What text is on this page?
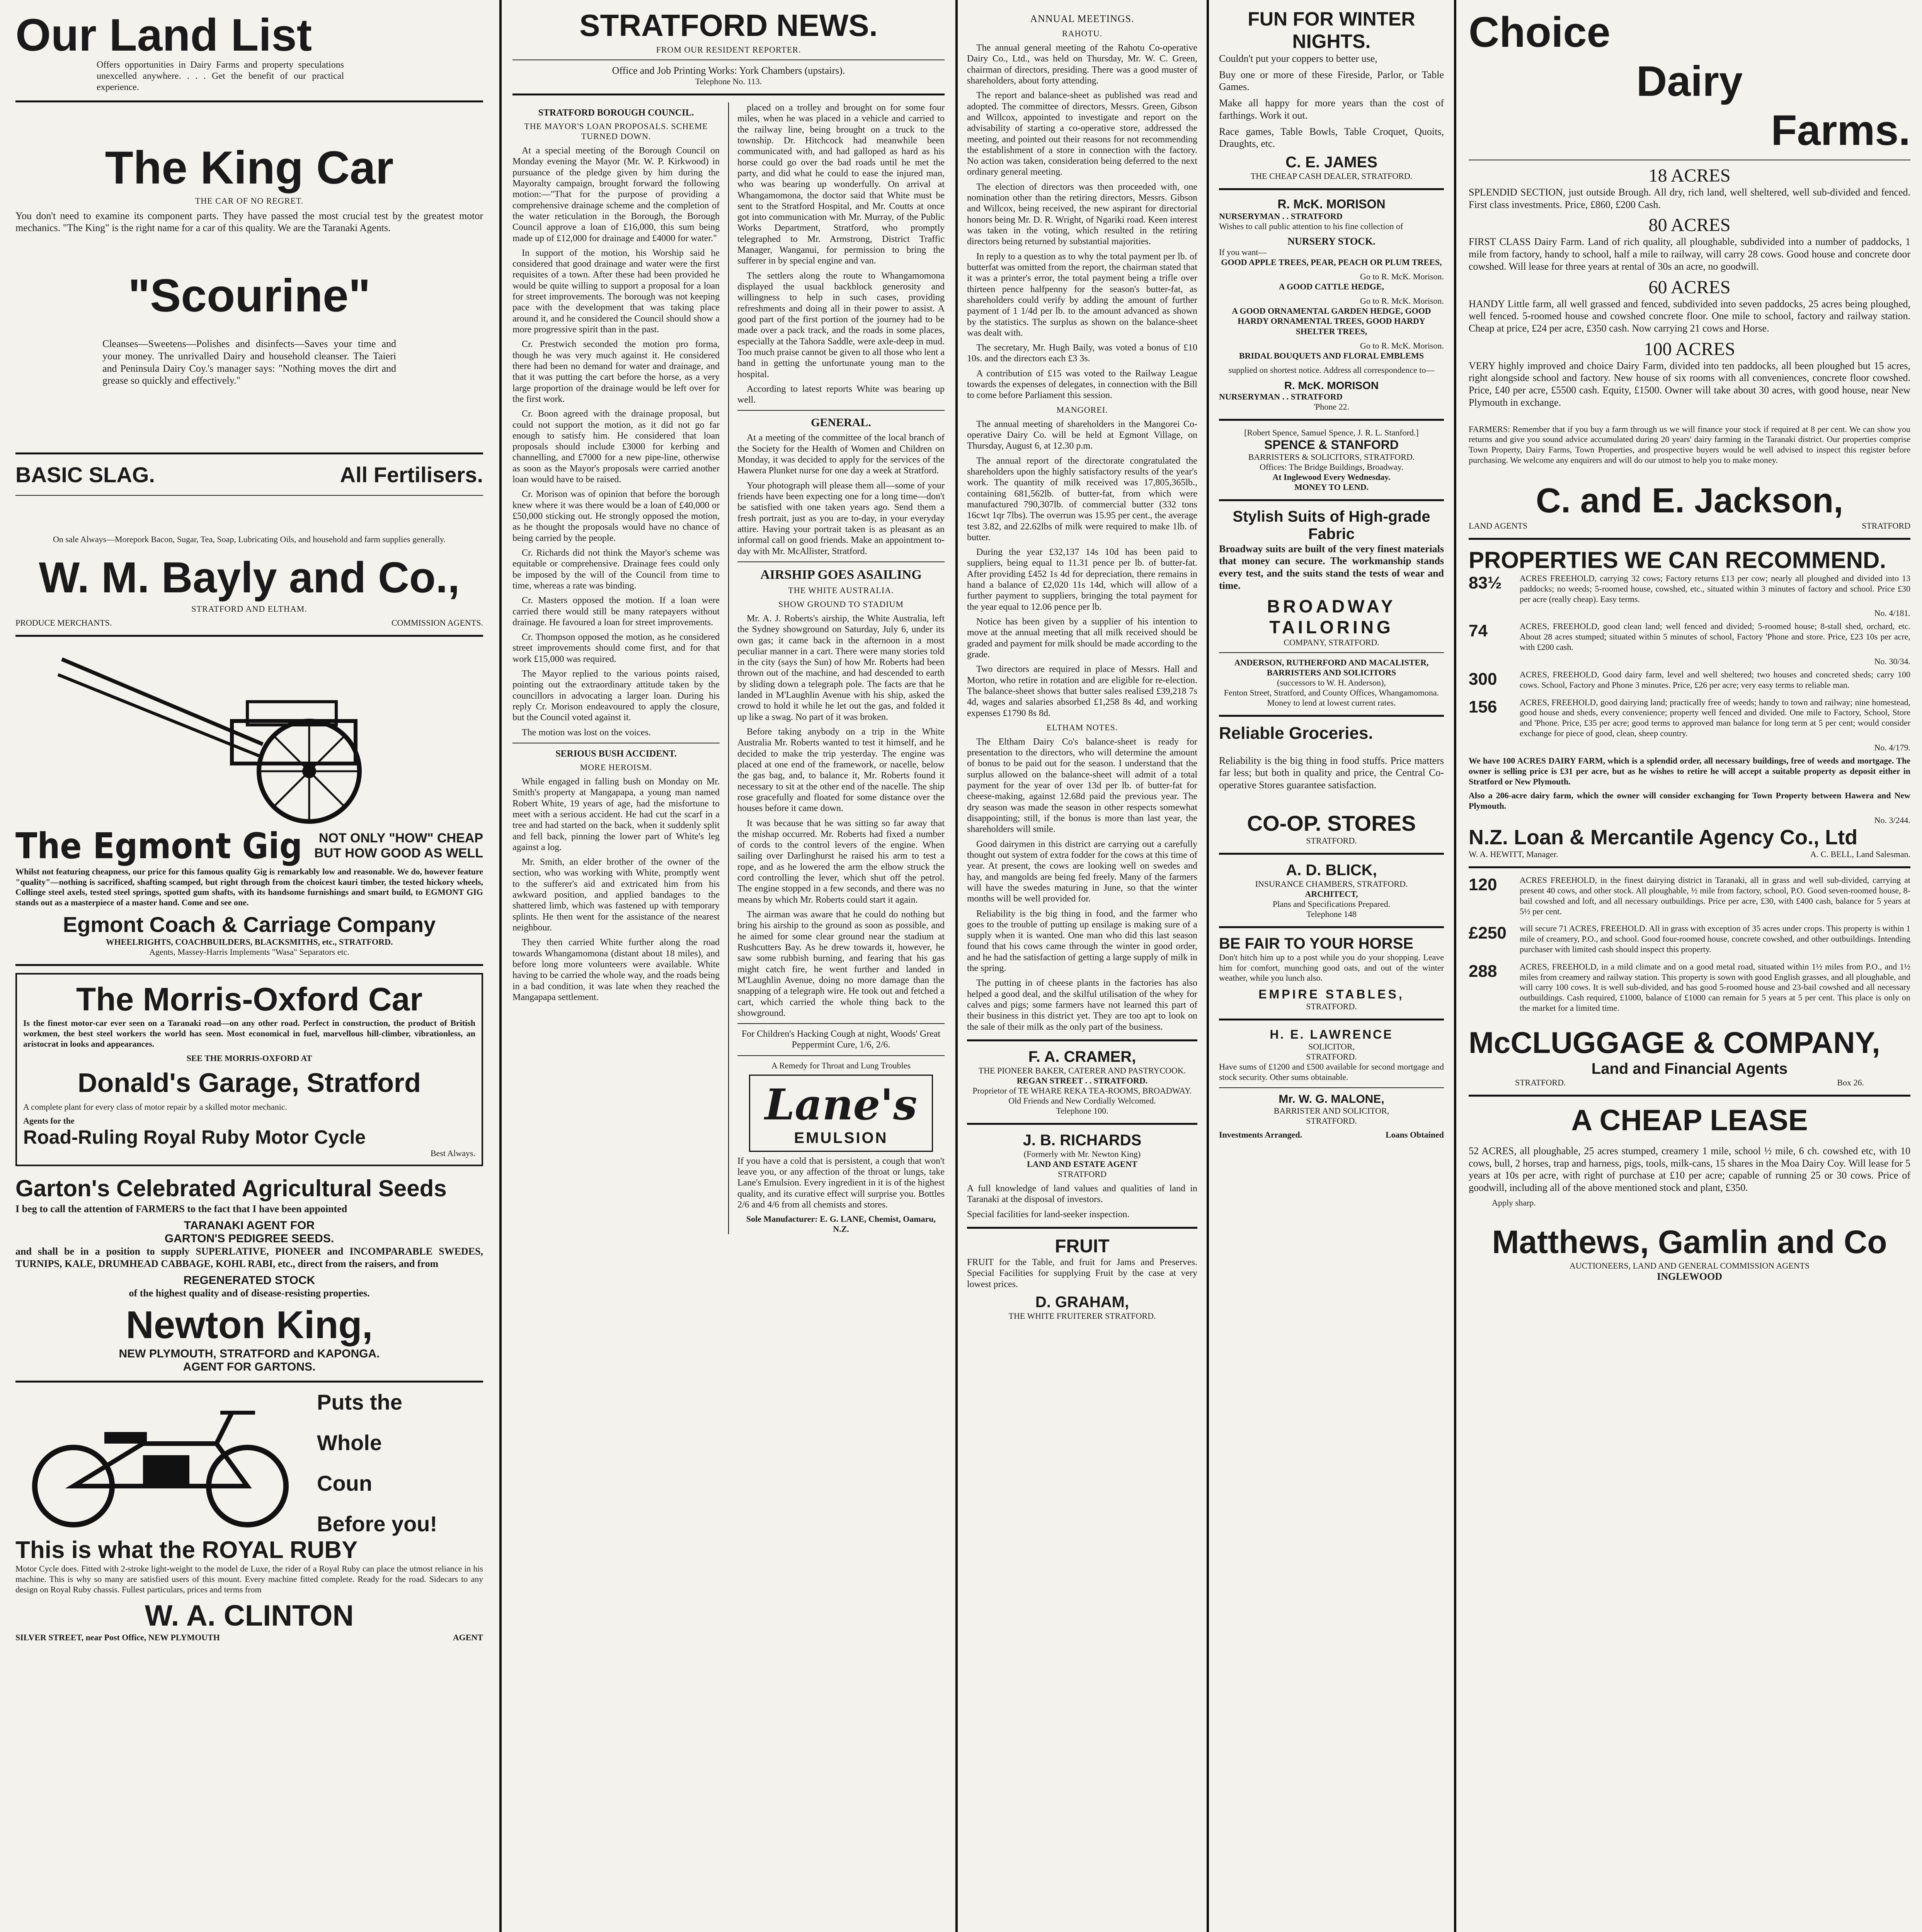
Our Land List

Offers opportunities in Dairy Farms and property speculations unexcelled anywhere. . . . Get the benefit of our practical experience.

The King Car
THE CAR OF NO REGRET.

You don't need to examine its component parts. They have passed the most crucial test by the greatest motor mechanics. "The King" is the right name for a car of this quality. We are the Taranaki Agents.

"Scourine"

Cleanses—Sweetens—Polishes and disinfects—Saves your time and your money. The unrivalled Dairy and household cleanser. The Taieri and Peninsula Dairy Coy.'s manager says: "Nothing moves the dirt and grease so quickly and effectively."

BASIC SLAG.	All Fertilisers.

On sale Always—Morepork Bacon, Sugar, Tea, Soap, Lubricating Oils, and household and farm supplies generally.

W. M. Bayly and Co.,
STRATFORD AND ELTHAM.
PRODUCE MERCHANTS.	COMMISSION AGENTS.
The Egmont Gig	NOT ONLY "HOW" CHEAP
BUT HOW GOOD AS WELL

Whilst not featuring cheapness, our price for this famous quality Gig is remarkably low and reasonable. We do, however feature "quality"—nothing is sacrificed, shafting scamped, but right through from the choicest kauri timber, the tested hickory wheels, Collinge steel axels, tested steel springs, spotted gum shafts, with its handsome furnishings and smart build, to EGMONT GIG stands out as a masterpiece of a master hand. Come and see one.

Egmont Coach & Carriage Company
WHEELRIGHTS, COACHBUILDERS, BLACKSMITHS, etc., STRATFORD.
Agents, Massey-Harris Implements "Wasa" Separators etc.
The Morris-Oxford Car

Is the finest motor-car ever seen on a Taranaki road—on any other road. Perfect in construction, the product of British workmen, the best steel workers the world has seen. Most economical in fuel, marvellous hill-climber, vibrationless, an aristocrat in looks and appearances.

SEE THE MORRIS-OXFORD AT
Donald's Garage, Stratford

A complete plant for every class of motor repair by a skilled motor mechanic.

Agents for the
Road-Ruling Royal Ruby Motor Cycle
Best Always.
Garton's Celebrated Agricultural Seeds

I beg to call the attention of FARMERS to the fact that I have been appointed

TARANAKI AGENT FOR
GARTON'S PEDIGREE SEEDS.

and shall be in a position to supply SUPERLATIVE, PIONEER and INCOMPARABLE SWEDES, TURNIPS, KALE, DRUMHEAD CABBAGE, KOHL RABI, etc., direct from the raisers, and from

REGENERATED STOCK

of the highest quality and of disease-resisting properties.

Newton King,
NEW PLYMOUTH, STRATFORD and KAPONGA.
AGENT FOR GARTONS.
Puts the
Whole
Coun
Before you!
This is what the ROYAL RUBY

Motor Cycle does. Fitted with 2-stroke light-weight to the model de Luxe, the rider of a Royal Ruby can place the utmost reliance in his machine. This is why so many are satisfied users of this mount. Every machine fitted complete. Ready for the road. Sidecars to any design on Royal Ruby chassis. Fullest particulars, prices and terms from

W. A. CLINTON
SILVER STREET, near Post Office, NEW PLYMOUTH	AGENT
STRATFORD NEWS.
FROM OUR RESIDENT REPORTER.
Office and Job Printing Works: York Chambers (upstairs).
Telephone No. 113.
STRATFORD BOROUGH COUNCIL.
THE MAYOR'S LOAN PROPOSALS. SCHEME TURNED DOWN.

At a special meeting of the Borough Council on Monday evening the Mayor (Mr. W. P. Kirkwood) in pursuance of the pledge given by him during the Mayoralty campaign, brought forward the following motion:—"That for the purpose of providing a comprehensive drainage scheme and the completion of the water reticulation in the Borough, the Borough Council approve a loan of £16,000, this sum being made up of £12,000 for drainage and £4000 for water."

In support of the motion, his Worship said he considered that good drainage and water were the first requisites of a town. After these had been provided he would be quite willing to support a proposal for a loan for street improvements. The borough was not keeping pace with the development that was taking place around it, and he considered the Council should show a more progressive spirit than in the past.

Cr. Prestwich seconded the motion pro forma, though he was very much against it. He considered there had been no demand for water and drainage, and that it was putting the cart before the horse, as a very large proportion of the drainage would be left over for the first work.

Cr. Boon agreed with the drainage proposal, but could not support the motion, as it did not go far enough to satisfy him. He considered that loan proposals should include £3000 for kerbing and channelling, and £7000 for a new pipe-line, otherwise as soon as the Mayor's proposals were carried another loan would have to be raised.

Cr. Morison was of opinion that before the borough knew where it was there would be a loan of £40,000 or £50,000 sticking out. He strongly opposed the motion, as he thought the proposals would have no chance of being carried by the people.

Cr. Richards did not think the Mayor's scheme was equitable or comprehensive. Drainage fees could only be imposed by the will of the Council from time to time, whereas a rate was binding.

Cr. Masters opposed the motion. If a loan were carried there would still be many ratepayers without drainage. He favoured a loan for street improvements.

Cr. Thompson opposed the motion, as he considered street improvements should come first, and for that work £15,000 was required.

The Mayor replied to the various points raised, pointing out the extraordinary attitude taken by the councillors in advocating a larger loan. During his reply Cr. Morison endeavoured to apply the closure, but the Council voted against it.

The motion was lost on the voices.

SERIOUS BUSH ACCIDENT.
MORE HEROISM.

While engaged in falling bush on Monday on Mr. Smith's property at Mangapapa, a young man named Robert White, 19 years of age, had the misfortune to meet with a serious accident. He had cut the scarf in a tree and had started on the back, when it suddenly split and fell back, pinning the lower part of White's leg against a log.

Mr. Smith, an elder brother of the owner of the section, who was working with White, promptly went to the sufferer's aid and extricated him from his awkward position, and applied bandages to the shattered limb, which was fastened up with temporary splints. He then went for the assistance of the nearest neighbour.

They then carried White further along the road towards Whangamomona (distant about 18 miles), and before long more volunteers were available. White having to be carried the whole way, and the roads being in a bad condition, it was late when they reached the Mangapapa settlement.

placed on a trolley and brought on for some four miles, when he was placed in a vehicle and carried to the railway line, being brought on a truck to the township. Dr. Hitchcock had meanwhile been communicated with, and had galloped as hard as his horse could go over the bad roads until he met the party, and did what he could to ease the injured man, who was bearing up wonderfully. On arrival at Whangamomona, the doctor said that White must be sent to the Stratford Hospital, and Mr. Coutts at once got into communication with Mr. Murray, of the Public Works Department, Stratford, who promptly telegraphed to Mr. Armstrong, District Traffic Manager, Wanganui, for permission to bring the sufferer in by special engine and van.

The settlers along the route to Whangamomona displayed the usual backblock generosity and willingness to help in such cases, providing refreshments and doing all in their power to assist. A good part of the first portion of the journey had to be made over a pack track, and the roads in some places, especially at the Tahora Saddle, were axle-deep in mud. Too much praise cannot be given to all those who lent a hand in getting the unfortunate young man to the hospital.

According to latest reports White was bearing up well.

GENERAL.

At a meeting of the committee of the local branch of the Society for the Health of Women and Children on Monday, it was decided to apply for the services of the Hawera Plunket nurse for one day a week at Stratford.

Your photograph will please them all—some of your friends have been expecting one for a long time—don't be satisfied with one taken years ago. Send them a fresh portrait, just as you are to-day, in your everyday attire. Having your portrait taken is as pleasant as an informal call on good friends. Make an appointment to-day with Mr. McAllister, Stratford.

AIRSHIP GOES ASAILING
THE WHITE AUSTRALIA.
SHOW GROUND TO STADIUM

Mr. A. J. Roberts's airship, the White Australia, left the Sydney showground on Saturday, July 6, under its own gas; it came back in the afternoon in a most peculiar manner in a cart. There were many stories told in the city (says the Sun) of how Mr. Roberts had been thrown out of the machine, and had descended to earth by sliding down a telegraph pole. The facts are that he landed in M'Laughlin Avenue with his ship, asked the crowd to hold it while he let out the gas, and folded it up like a swag. No part of it was broken.

Before taking anybody on a trip in the White Australia Mr. Roberts wanted to test it himself, and he decided to make the trip yesterday. The engine was placed at one end of the framework, or nacelle, below the gas bag, and, to balance it, Mr. Roberts found it necessary to sit at the other end of the nacelle. The ship rose gracefully and floated for some distance over the houses before it came down.

It was because that he was sitting so far away that the mishap occurred. Mr. Roberts had fixed a number of cords to the control levers of the engine. When sailing over Darlinghurst he raised his arm to test a rope, and as he lowered the arm the elbow struck the cord controlling the lever, which shut off the petrol. The engine stopped in a few seconds, and there was no means by which Mr. Roberts could start it again.

The airman was aware that he could do nothing but bring his airship to the ground as soon as possible, and he aimed for some clear ground near the stadium at Rushcutters Bay. As he drew towards it, however, he saw some rubbish burning, and fearing that his gas might catch fire, he went further and landed in M'Laughlin Avenue, doing no more damage than the snapping of a telegraph wire. He took out and fetched a cart, which carried the whole thing back to the showground.

For Children's Hacking Cough at night, Woods' Great Peppermint Cure, 1/6, 2/6.

A Remedy for Throat and Lung Troubles
Lane's
EMULSION

If you have a cold that is persistent, a cough that won't leave you, or any affection of the throat or lungs, take Lane's Emulsion. Every ingredient in it is of the highest quality, and its curative effect will surprise you. Bottles 2/6 and 4/6 from all chemists and stores.

Sole Manufacturer: E. G. LANE, Chemist, Oamaru, N.Z.
ANNUAL MEETINGS.
RAHOTU.

The annual general meeting of the Rahotu Co-operative Dairy Co., Ltd., was held on Thursday, Mr. W. C. Green, chairman of directors, presiding. There was a good muster of shareholders, about forty attending.

The report and balance-sheet as published was read and adopted. The committee of directors, Messrs. Green, Gibson and Willcox, appointed to investigate and report on the advisability of starting a co-operative store, addressed the meeting, and pointed out their reasons for not recommending the establishment of a store in connection with the factory. No action was taken, consideration being deferred to the next ordinary general meeting.

The election of directors was then proceeded with, one nomination other than the retiring directors, Messrs. Gibson and Willcox, being received, the new aspirant for directorial honors being Mr. D. R. Wright, of Ngariki road. Keen interest was taken in the voting, which resulted in the retiring directors being returned by substantial majorities.

In reply to a question as to why the total payment per lb. of butterfat was omitted from the report, the chairman stated that it was a printer's error, the total payment being a trifle over thirteen pence halfpenny for the season's butter-fat, as shareholders could verify by adding the amount of further payment of 1 1/4d per lb. to the amount advanced as shown by the statistics. The surplus as shown on the balance-sheet was dealt with.

The secretary, Mr. Hugh Baily, was voted a bonus of £10 10s. and the directors each £3 3s.

A contribution of £15 was voted to the Railway League towards the expenses of delegates, in connection with the Bill to come before Parliament this session.

MANGOREI.

The annual meeting of shareholders in the Mangorei Co-operative Dairy Co. will be held at Egmont Village, on Thursday, August 6, at 12.30 p.m.

The annual report of the directorate congratulated the shareholders upon the highly satisfactory results of the year's work. The quantity of milk received was 17,805,365lb., containing 681,562lb. of butter-fat, from which were manufactured 790,307lb. of commercial butter (332 tons 16cwt 1qr 7lbs). The overrun was 15.95 per cent., the average test 3.82, and 22.62lbs of milk were required to make 1lb. of butter.

During the year £32,137 14s 10d has been paid to suppliers, being equal to 11.31 pence per lb. of butter-fat. After providing £452 1s 4d for depreciation, there remains in hand a balance of £2,020 11s 14d, which will allow of a further payment to suppliers, bringing the total payment for the year equal to 12.06 pence per lb.

Notice has been given by a supplier of his intention to move at the annual meeting that all milk received should be graded and payment for milk should be made according to the grade.

Two directors are required in place of Messrs. Hall and Morton, who retire in rotation and are eligible for re-election. The balance-sheet shows that butter sales realised £39,218 7s 4d, wages and salaries absorbed £1,258 8s 4d, and working expenses £1790 8s 8d.

ELTHAM NOTES.

The Eltham Dairy Co's balance-sheet is ready for presentation to the directors, who will determine the amount of bonus to be paid out for the season. I understand that the surplus allowed on the balance-sheet will admit of a total payment for the year of over 13d per lb. of butter-fat for cheese-making, against 12.68d paid the previous year. The dry season was made the season in other respects somewhat disappointing; still, if the bonus is more than last year, the shareholders will smile.

Good dairymen in this district are carrying out a carefully thought out system of extra fodder for the cows at this time of year. At present, the cows are looking well on swedes and hay, and mangolds are being fed freely. Many of the farmers will have the swedes maturing in June, so that the winter months will be well provided for.

Reliability is the big thing in food, and the farmer who goes to the trouble of putting up ensilage is making sure of a supply when it is wanted. One man who did this last season found that his cows came through the winter in good order, and he had the satisfaction of getting a large supply of milk in the spring.

The putting in of cheese plants in the factories has also helped a good deal, and the skilful utilisation of the whey for calves and pigs; some farmers have not learned this part of their business in this district yet. They are too apt to look on the sale of their milk as the only part of the business.

F. A. CRAMER,
THE PIONEER BAKER, CATERER AND PASTRYCOOK.
REGAN STREET . . STRATFORD.
Proprietor of TE WHARE REKA TEA-ROOMS, BROADWAY.
Old Friends and New Cordially Welcomed.
Telephone 100.
J. B. RICHARDS
(Formerly with Mr. Newton King)
LAND AND ESTATE AGENT
STRATFORD

A full knowledge of land values and qualities of land in Taranaki at the disposal of investors.

Special facilities for land-seeker inspection.

FRUIT

FRUIT for the Table, and fruit for Jams and Preserves. Special Facilities for supplying Fruit by the case at very lowest prices.

D. GRAHAM,
THE WHITE FRUITERER STRATFORD.
FUN FOR WINTER NIGHTS.

Couldn't put your coppers to better use,

Buy one or more of these Fireside, Parlor, or Table Games.

Make all happy for more years than the cost of farthings. Work it out.

Race games, Table Bowls, Table Croquet, Quoits, Draughts, etc.

C. E. JAMES
THE CHEAP CASH DEALER, STRATFORD.
R. McK. MORISON
NURSERYMAN . . STRATFORD

Wishes to call public attention to his fine collection of

NURSERY STOCK.
If you want—

GOOD APPLE TREES, PEAR, PEACH OR PLUM TREES,

Go to R. McK. Morison.

A GOOD CATTLE HEDGE,

Go to R. McK. Morison.

A GOOD ORNAMENTAL GARDEN HEDGE, GOOD HARDY ORNAMENTAL TREES, GOOD HARDY SHELTER TREES,

Go to R. McK. Morison.

BRIDAL BOUQUETS AND FLORAL EMBLEMS

supplied on shortest notice. Address all correspondence to—

R. McK. MORISON
NURSERYMAN . . STRATFORD
'Phone 22.
[Robert Spence, Samuel Spence, J. R. L. Stanford.]
SPENCE & STANFORD
BARRISTERS & SOLICITORS, STRATFORD.
Offices: The Bridge Buildings, Broadway.
At Inglewood Every Wednesday.
MONEY TO LEND.
Stylish Suits of High-grade Fabric

Broadway suits are built of the very finest materials that money can secure. The workmanship stands every test, and the suits stand the tests of wear and time.

BROADWAY
TAILORING
COMPANY, STRATFORD.
ANDERSON, RUTHERFORD AND MACALISTER,
BARRISTERS AND SOLICITORS
(successors to W. H. Anderson),
Fenton Street, Stratford, and County Offices, Whangamomona.
Money to lend at lowest current rates.
Reliable Groceries.

Reliability is the big thing in food stuffs. Price matters far less; but both in quality and price, the Central Co-operative Stores guarantee satisfaction.

CO-OP. STORES
STRATFORD.
A. D. BLICK,
INSURANCE CHAMBERS, STRATFORD.
ARCHITECT,
Plans and Specifications Prepared.
Telephone 148
BE FAIR TO YOUR HORSE

Don't hitch him up to a post while you do your shopping. Leave him for comfort, munching good oats, and out of the winter weather, while you lunch also.

EMPIRE STABLES,
STRATFORD.
H. E. LAWRENCE
SOLICITOR,
STRATFORD.

Have sums of £1200 and £500 available for second mortgage and stock security. Other sums obtainable.

Mr. W. G. MALONE,
BARRISTER AND SOLICITOR,
STRATFORD.
Investments Arranged.	Loans Obtained
Choice
Dairy
Farms.
18 ACRES

SPLENDID SECTION, just outside Brough. All dry, rich land, well sheltered, well sub-divided and fenced. First class investments. Price, £860, £200 Cash.

80 ACRES

FIRST CLASS Dairy Farm. Land of rich quality, all ploughable, subdivided into a number of paddocks, 1 mile from factory, handy to school, half a mile to railway, will carry 28 cows. Good house and concrete door cowshed. Will lease for three years at rental of 30s an acre, no goodwill.

60 ACRES

HANDY Little farm, all well grassed and fenced, subdivided into seven paddocks, 25 acres being ploughed, well fenced. 5-roomed house and cowshed concrete floor. One mile to school, factory and railway station. Cheap at price, £24 per acre, £350 cash. Now carrying 21 cows and Horse.

100 ACRES

VERY highly improved and choice Dairy Farm, divided into ten paddocks, all been ploughed but 15 acres, right alongside school and factory. New house of six rooms with all conveniences, concrete floor cowshed. Price, £40 per acre, £5500 cash. Equity, £1500. Owner will take about 30 acres, with good house, near New Plymouth in exchange.

FARMERS: Remember that if you buy a farm through us we will finance your stock if required at 8 per cent. We can show you returns and give you sound advice accumulated during 20 years' dairy farming in the Taranaki district. Our properties comprise Town Property, Dairy Farms, Town Properties, and prospective buyers would be well advised to inspect this register before purchasing. We welcome any enquirers and will do our utmost to help you to make money.

C. and E. Jackson,
LAND AGENTS	STRATFORD
PROPERTIES WE CAN RECOMMEND.
83½	ACRES FREEHOLD, carrying 32 cows; Factory returns £13 per cow; nearly all ploughed and divided into 13 paddocks; no weeds; 5-roomed house, cowshed, etc., situated within 3 minutes of factory and school. Price £30 per acre (really cheap). Easy terms.

No. 4/181.
74	ACRES, FREEHOLD, good clean land; well fenced and divided; 5-roomed house; 8-stall shed, orchard, etc. About 28 acres stumped; situated within 5 minutes of school, Factory 'Phone and store. Price, £23 10s per acre, with £200 cash.

No. 30/34.
300	ACRES, FREEHOLD, Good dairy farm, level and well sheltered; two houses and concreted sheds; carry 100 cows. School, Factory and Phone 3 minutes. Price, £26 per acre; very easy terms to reliable man.

156	ACRES, FREEHOLD, good dairying land; practically free of weeds; handy to town and railway; nine homestead, good house and sheds, every convenience; property well fenced and divided. One mile to Factory, School, Store and 'Phone. Price, £35 per acre; good terms to approved man balance for long term at 5 per cent; would consider exchange for piece of good, clean, sheep country.

No. 4/179.

We have 100 ACRES DAIRY FARM, which is a splendid order, all necessary buildings, free of weeds and mortgage. The owner is selling price is £31 per acre, but as he wishes to retire he will accept a suitable property as deposit either in Stratford or New Plymouth.

Also a 206-acre dairy farm, which the owner will consider exchanging for Town Property between Hawera and New Plymouth.

No. 3/244.
N.Z. Loan & Mercantile Agency Co., Ltd
W. A. HEWITT, Manager.	A. C. BELL, Land Salesman.
120	ACRES FREEHOLD, in the finest dairying district in Taranaki, all in grass and well sub-divided, carrying at present 40 cows, and other stock. All ploughable, ½ mile from factory, school, P.O. Good seven-roomed house, 8-bail cowshed and loft, and all necessary outbuildings. Price per acre, £30, with £400 cash, balance for 5 years at 5½ per cent.

£250	will secure 71 ACRES, FREEHOLD. All in grass with exception of 35 acres under crops. This property is within 1 mile of creamery, P.O., and school. Good four-roomed house, concrete cowshed, and other outbuildings. Intending purchaser with limited cash should inspect this property.

288	ACRES, FREEHOLD, in a mild climate and on a good metal road, situated within 1½ miles from P.O., and 1½ miles from creamery and railway station. This property is sown with good English grasses, and all ploughable, and will carry 100 cows. It is well sub-divided, and has good 5-roomed house and 23-bail cowshed and all necessary outbuildings. Cash required, £1000, balance of £1000 can remain for 5 years at 5 per cent. This place is only on the market for a limited time.

McCLUGGAGE & COMPANY,
Land and Financial Agents
STRATFORD.	Box 26.
A CHEAP LEASE

52 ACRES, all ploughable, 25 acres stumped, creamery 1 mile, school ½ mile, 6 ch. cowshed etc, with 10 cows, bull, 2 horses, trap and harness, pigs, tools, milk-cans, 15 shares in the Moa Dairy Coy. Will lease for 5 years at 10s per acre, with right of purchase at £10 per acre; capable of running 25 or 30 cows. Price of goodwill, including all of the above mentioned stock and plant, £350.

Apply sharp.
Matthews, Gamlin and Co
AUCTIONEERS, LAND AND GENERAL COMMISSION AGENTS
INGLEWOOD
